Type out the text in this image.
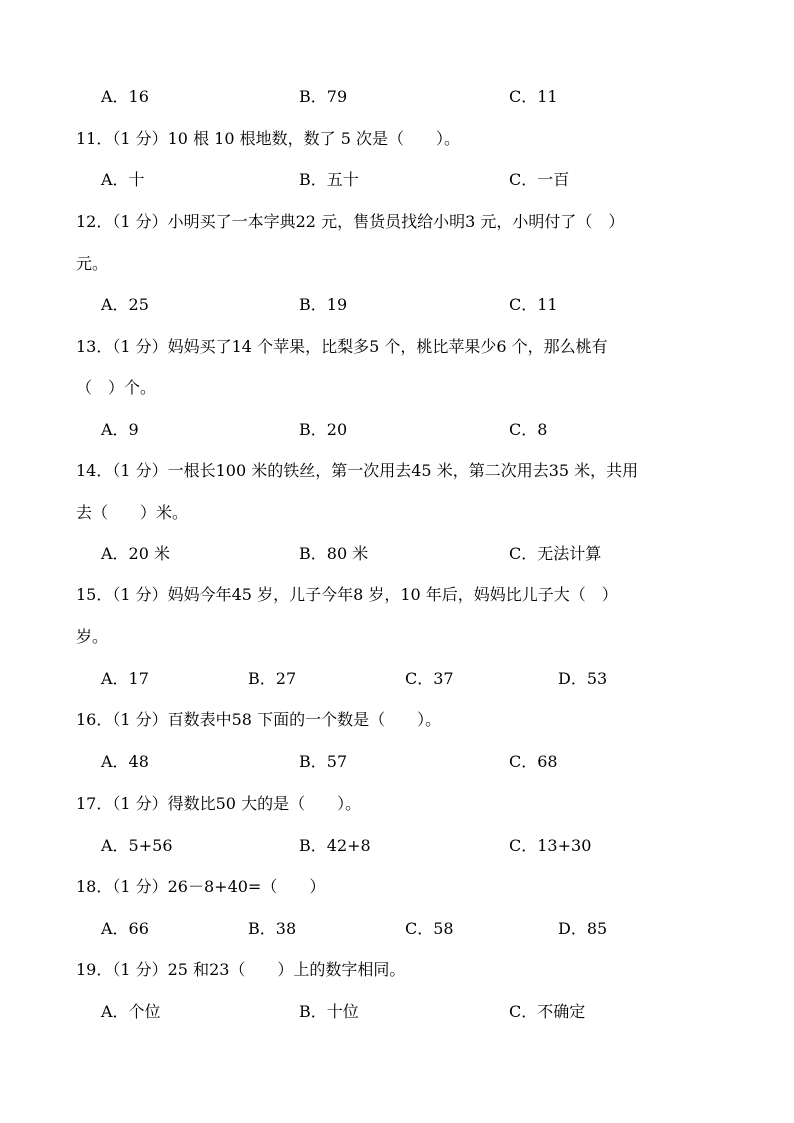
A．16	B．79	C．11
11．（1 分）10 根 10 根地数，数了 5 次是（　　）。
A．十	B．五十	C．一百
12．（1 分）小明买了一本字典22 元，售货员找给小明3 元，小明付了（　）
元。
A．25	B．19	C．11
13．（1 分）妈妈买了14 个苹果，比梨多5 个，桃比苹果少6 个，那么桃有
（　）个。
A．9	B．20	C．8
14．（1 分）一根长100 米的铁丝，第一次用去45 米，第二次用去35 米，共用
去（　　）米。
A．20 米	B．80 米	C．无法计算
15．（1 分）妈妈今年45 岁，儿子今年8 岁，10 年后，妈妈比儿子大（　）
岁。
A．17	B．27	C．37	D．53
16．（1 分）百数表中58 下面的一个数是（　　）。
A．48	B．57	C．68
17．（1 分）得数比50 大的是（　　）。
A．5+56	B．42+8	C．13+30
18．（1 分）26－8+40=（　　）
A．66	B．38	C．58	D．85
19．（1 分）25 和23（　　）上的数字相同。
A．个位	B．十位	C．不确定
